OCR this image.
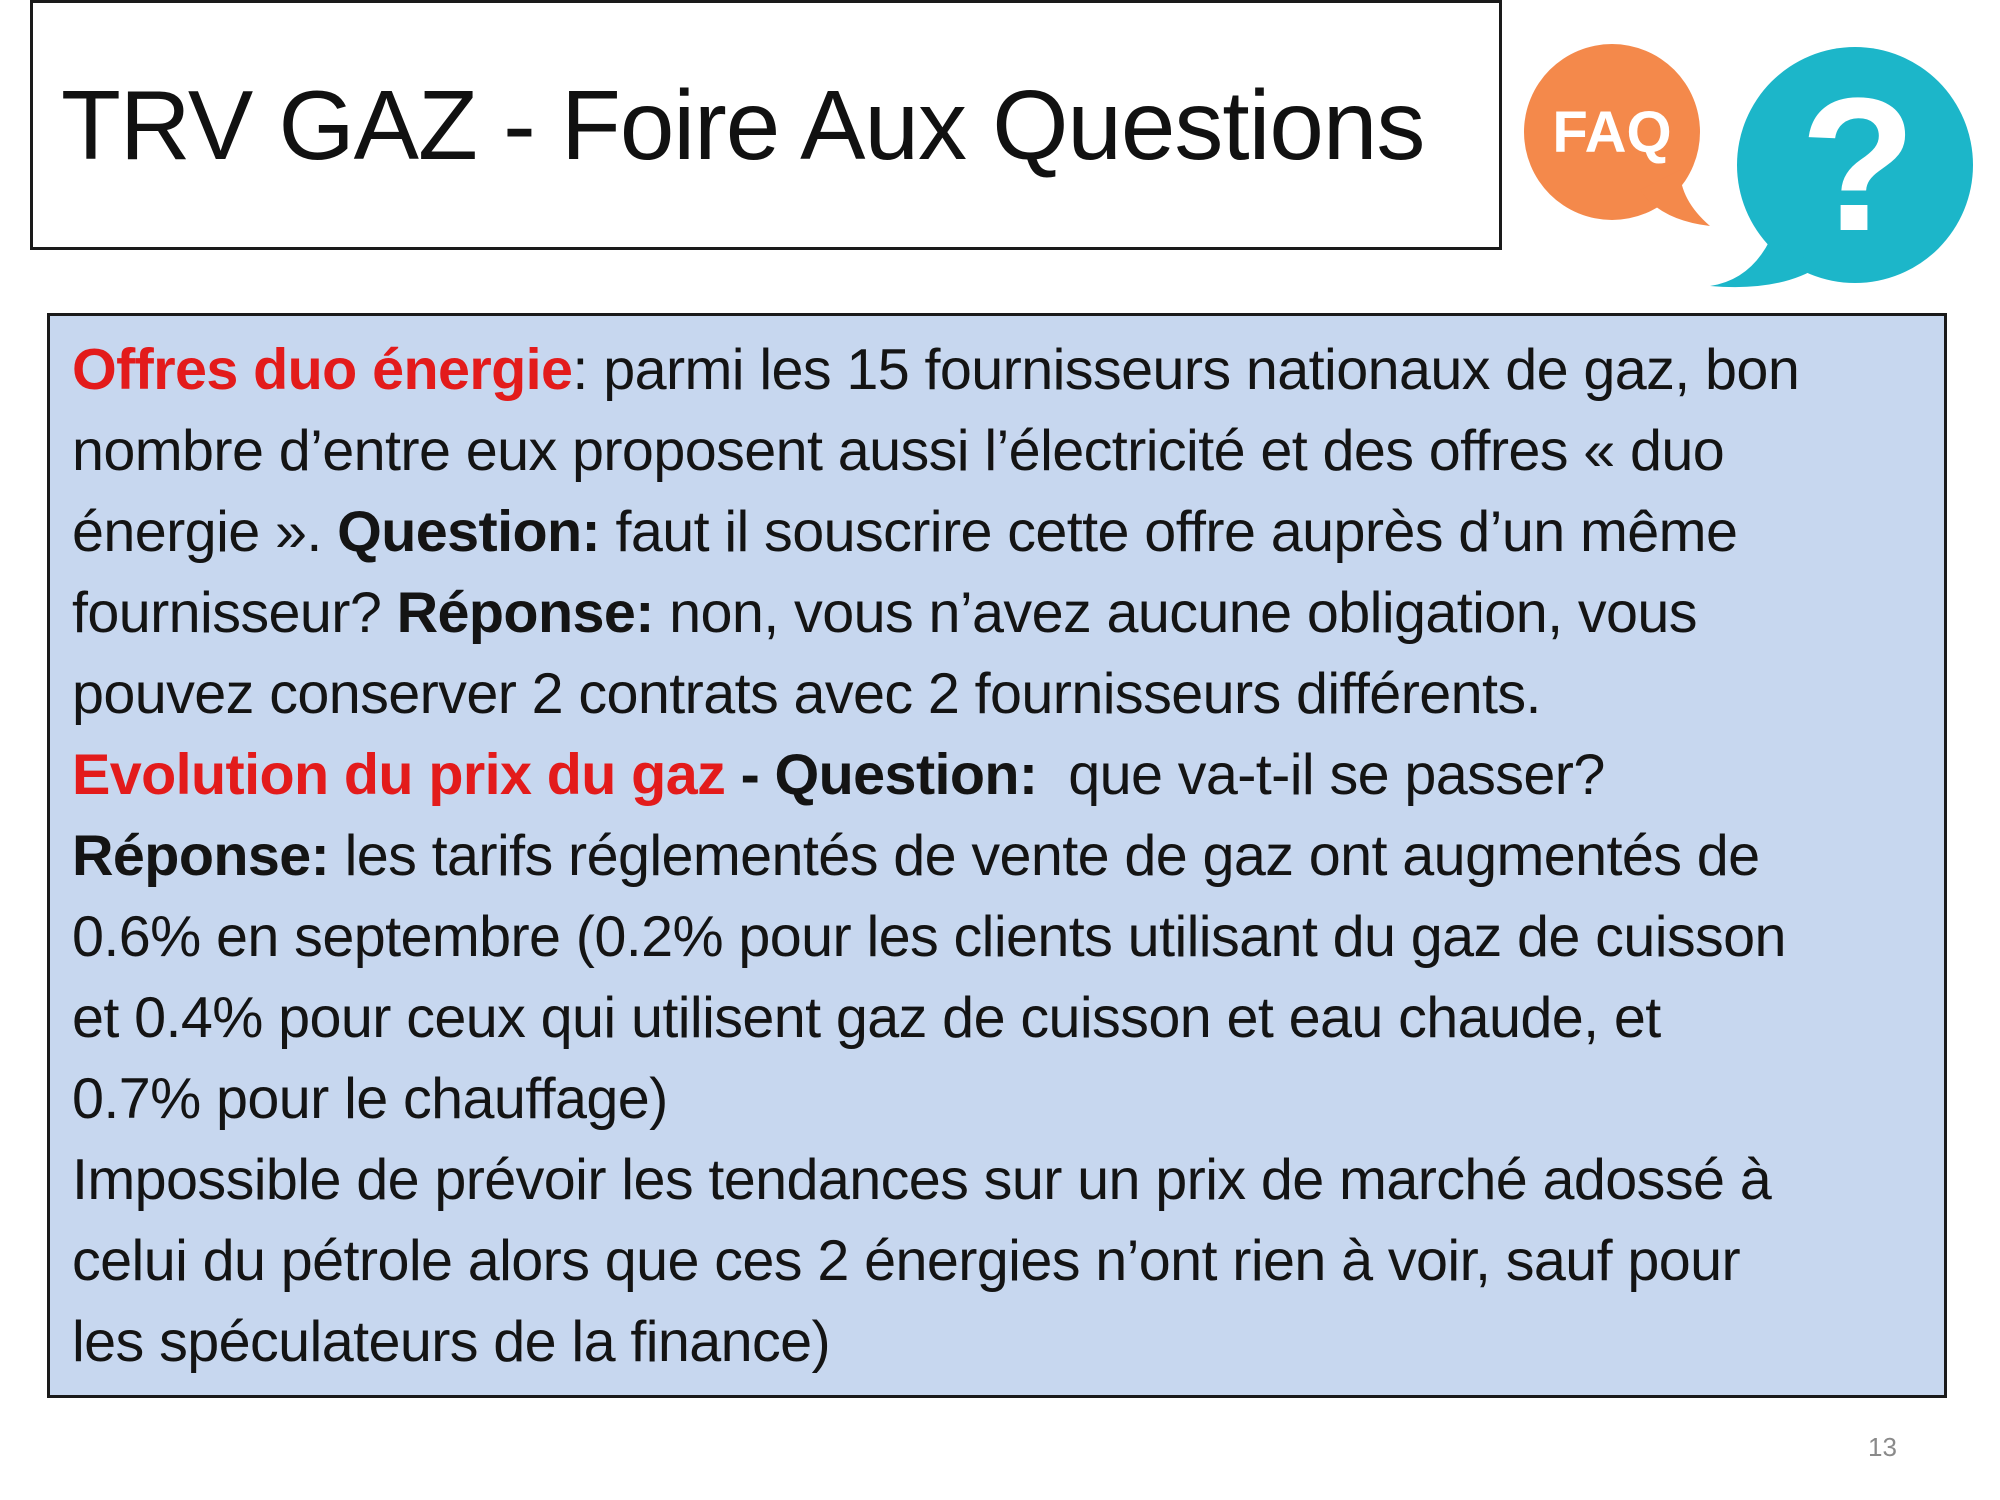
TRV GAZ - Foire Aux Questions FAQ ?
Offres duo énergie: parmi les 15 fournisseurs nationaux de gaz, bon
nombre d’entre eux proposent aussi l’électricité et des offres « duo
énergie ». Question: faut il souscrire cette offre auprès d’un même
fournisseur? Réponse: non, vous n’avez aucune obligation, vous
pouvez conserver 2 contrats avec 2 fournisseurs différents.
Evolution du prix du gaz - Question:  que va-t-il se passer?
Réponse: les tarifs réglementés de vente de gaz ont augmentés de
0.6% en septembre (0.2% pour les clients utilisant du gaz de cuisson
et 0.4% pour ceux qui utilisent gaz de cuisson et eau chaude, et
0.7% pour le chauffage)
Impossible de prévoir les tendances sur un prix de marché adossé à
celui du pétrole alors que ces 2 énergies n’ont rien à voir, sauf pour
les spéculateurs de la finance)
13
